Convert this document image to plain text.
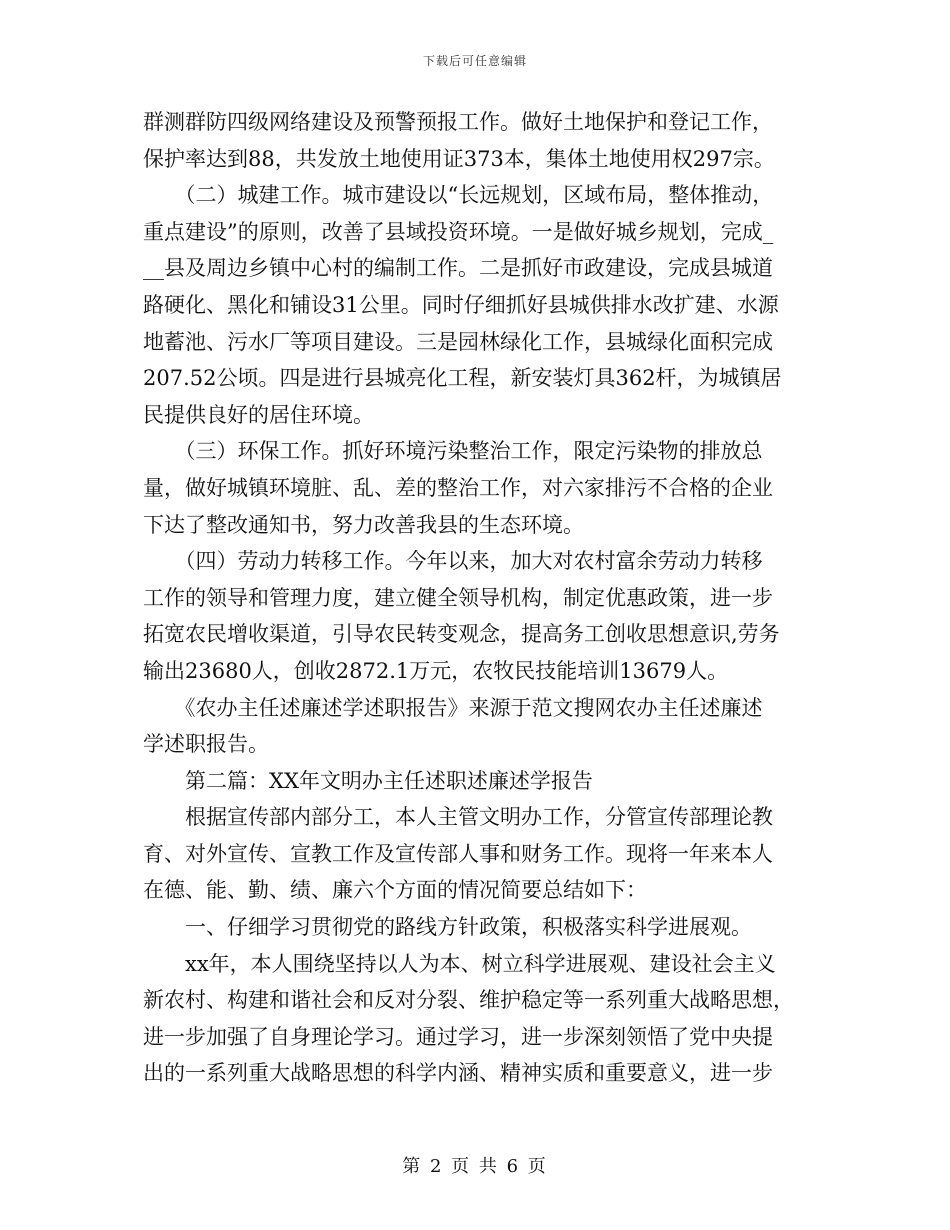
下载后可任意编辑
群测群防四级网络建设及预警预报工作。做好土地保护和登记工作，
保护率达到88，共发放土地使用证373本，集体土地使用权297宗。
　　（二）城建工作。城市建设以“长远规划，区域布局，整体推动，
重点建设”的原则，改善了县域投资环境。一是做好城乡规划，完成_
__县及周边乡镇中心村的编制工作。二是抓好市政建设，完成县城道
路硬化、黑化和铺设31公里。同时仔细抓好县城供排水改扩建、水源
地蓄池、污水厂等项目建设。三是园林绿化工作，县城绿化面积完成
207.52公顷。四是进行县城亮化工程，新安装灯具362杆，为城镇居
民提供良好的居住环境。
　　（三）环保工作。抓好环境污染整治工作，限定污染物的排放总
量，做好城镇环境脏、乱、差的整治工作，对六家排污不合格的企业
下达了整改通知书，努力改善我县的生态环境。
　　（四）劳动力转移工作。今年以来，加大对农村富余劳动力转移
工作的领导和管理力度，建立健全领导机构，制定优惠政策，进一步
拓宽农民增收渠道，引导农民转变观念，提高务工创收思想意识,劳务
输出23680人，创收2872.1万元，农牧民技能培训13679人。
　　《农办主任述廉述学述职报告》来源于范文搜网农办主任述廉述
学述职报告。
　　第二篇：XX年文明办主任述职述廉述学报告
　　根据宣传部内部分工，本人主管文明办工作，分管宣传部理论教
育、对外宣传、宣教工作及宣传部人事和财务工作。现将一年来本人
在德、能、勤、绩、廉六个方面的情况简要总结如下：
　　一、仔细学习贯彻党的路线方针政策，积极落实科学进展观。
　　xx年，本人围绕坚持以人为本、树立科学进展观、建设社会主义
新农村、构建和谐社会和反对分裂、维护稳定等一系列重大战略思想，
进一步加强了自身理论学习。通过学习，进一步深刻领悟了党中央提
出的一系列重大战略思想的科学内涵、精神实质和重要意义，进一步
第 2 页 共 6 页
